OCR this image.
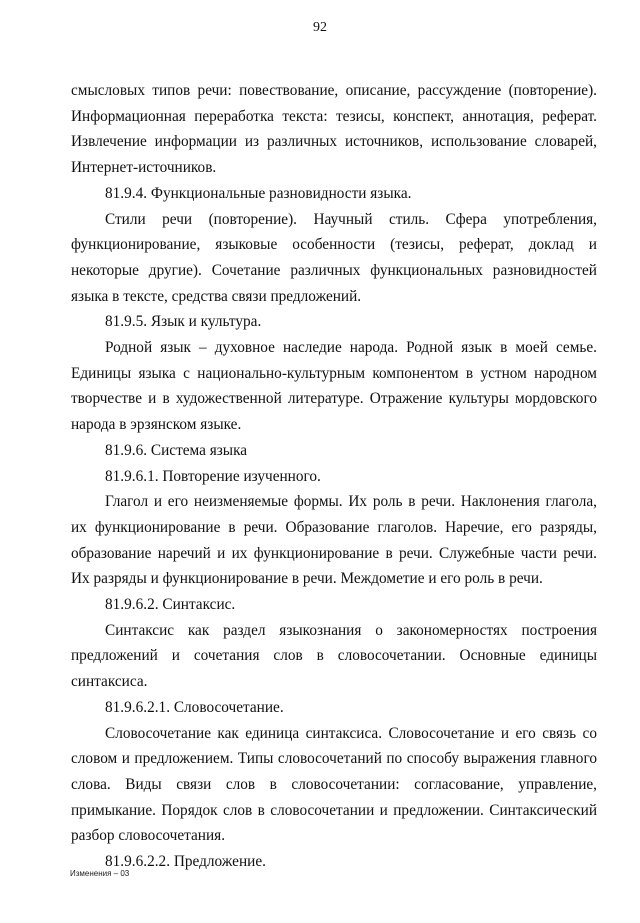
92

смысловых типов речи: повествование, описание, рассуждение (повторение). Информационная переработка текста: тезисы, конспект, аннотация, реферат. Извлечение информации из различных источников, использование словарей, Интернет-источников.

81.9.4. Функциональные разновидности языка.

Стили речи (повторение). Научный стиль. Сфера употребления, функционирование, языковые особенности (тезисы, реферат, доклад и некоторые другие). Сочетание различных функциональных разновидностей языка в тексте, средства связи предложений.

81.9.5. Язык и культура.

Родной язык – духовное наследие народа. Родной язык в моей семье. Единицы языка с национально-культурным компонентом в устном народном творчестве и в художественной литературе. Отражение культуры мордовского народа в эрзянском языке.

81.9.6. Система языка

81.9.6.1. Повторение изученного.

Глагол и его неизменяемые формы. Их роль в речи. Наклонения глагола, их функционирование в речи. Образование глаголов. Наречие, его разряды, образование наречий и их функционирование в речи. Служебные части речи. Их разряды и функционирование в речи. Междометие и его роль в речи.

81.9.6.2. Синтаксис.

Синтаксис как раздел языкознания о закономерностях построения предложений и сочетания слов в словосочетании. Основные единицы синтаксиса.

81.9.6.2.1. Словосочетание.

Словосочетание как единица синтаксиса. Словосочетание и его связь со словом и предложением. Типы словосочетаний по способу выражения главного слова. Виды связи слов в словосочетании: согласование, управление, примыкание. Порядок слов в словосочетании и предложении. Синтаксический разбор словосочетания.

81.9.6.2.2. Предложение.

Изменения – 03
